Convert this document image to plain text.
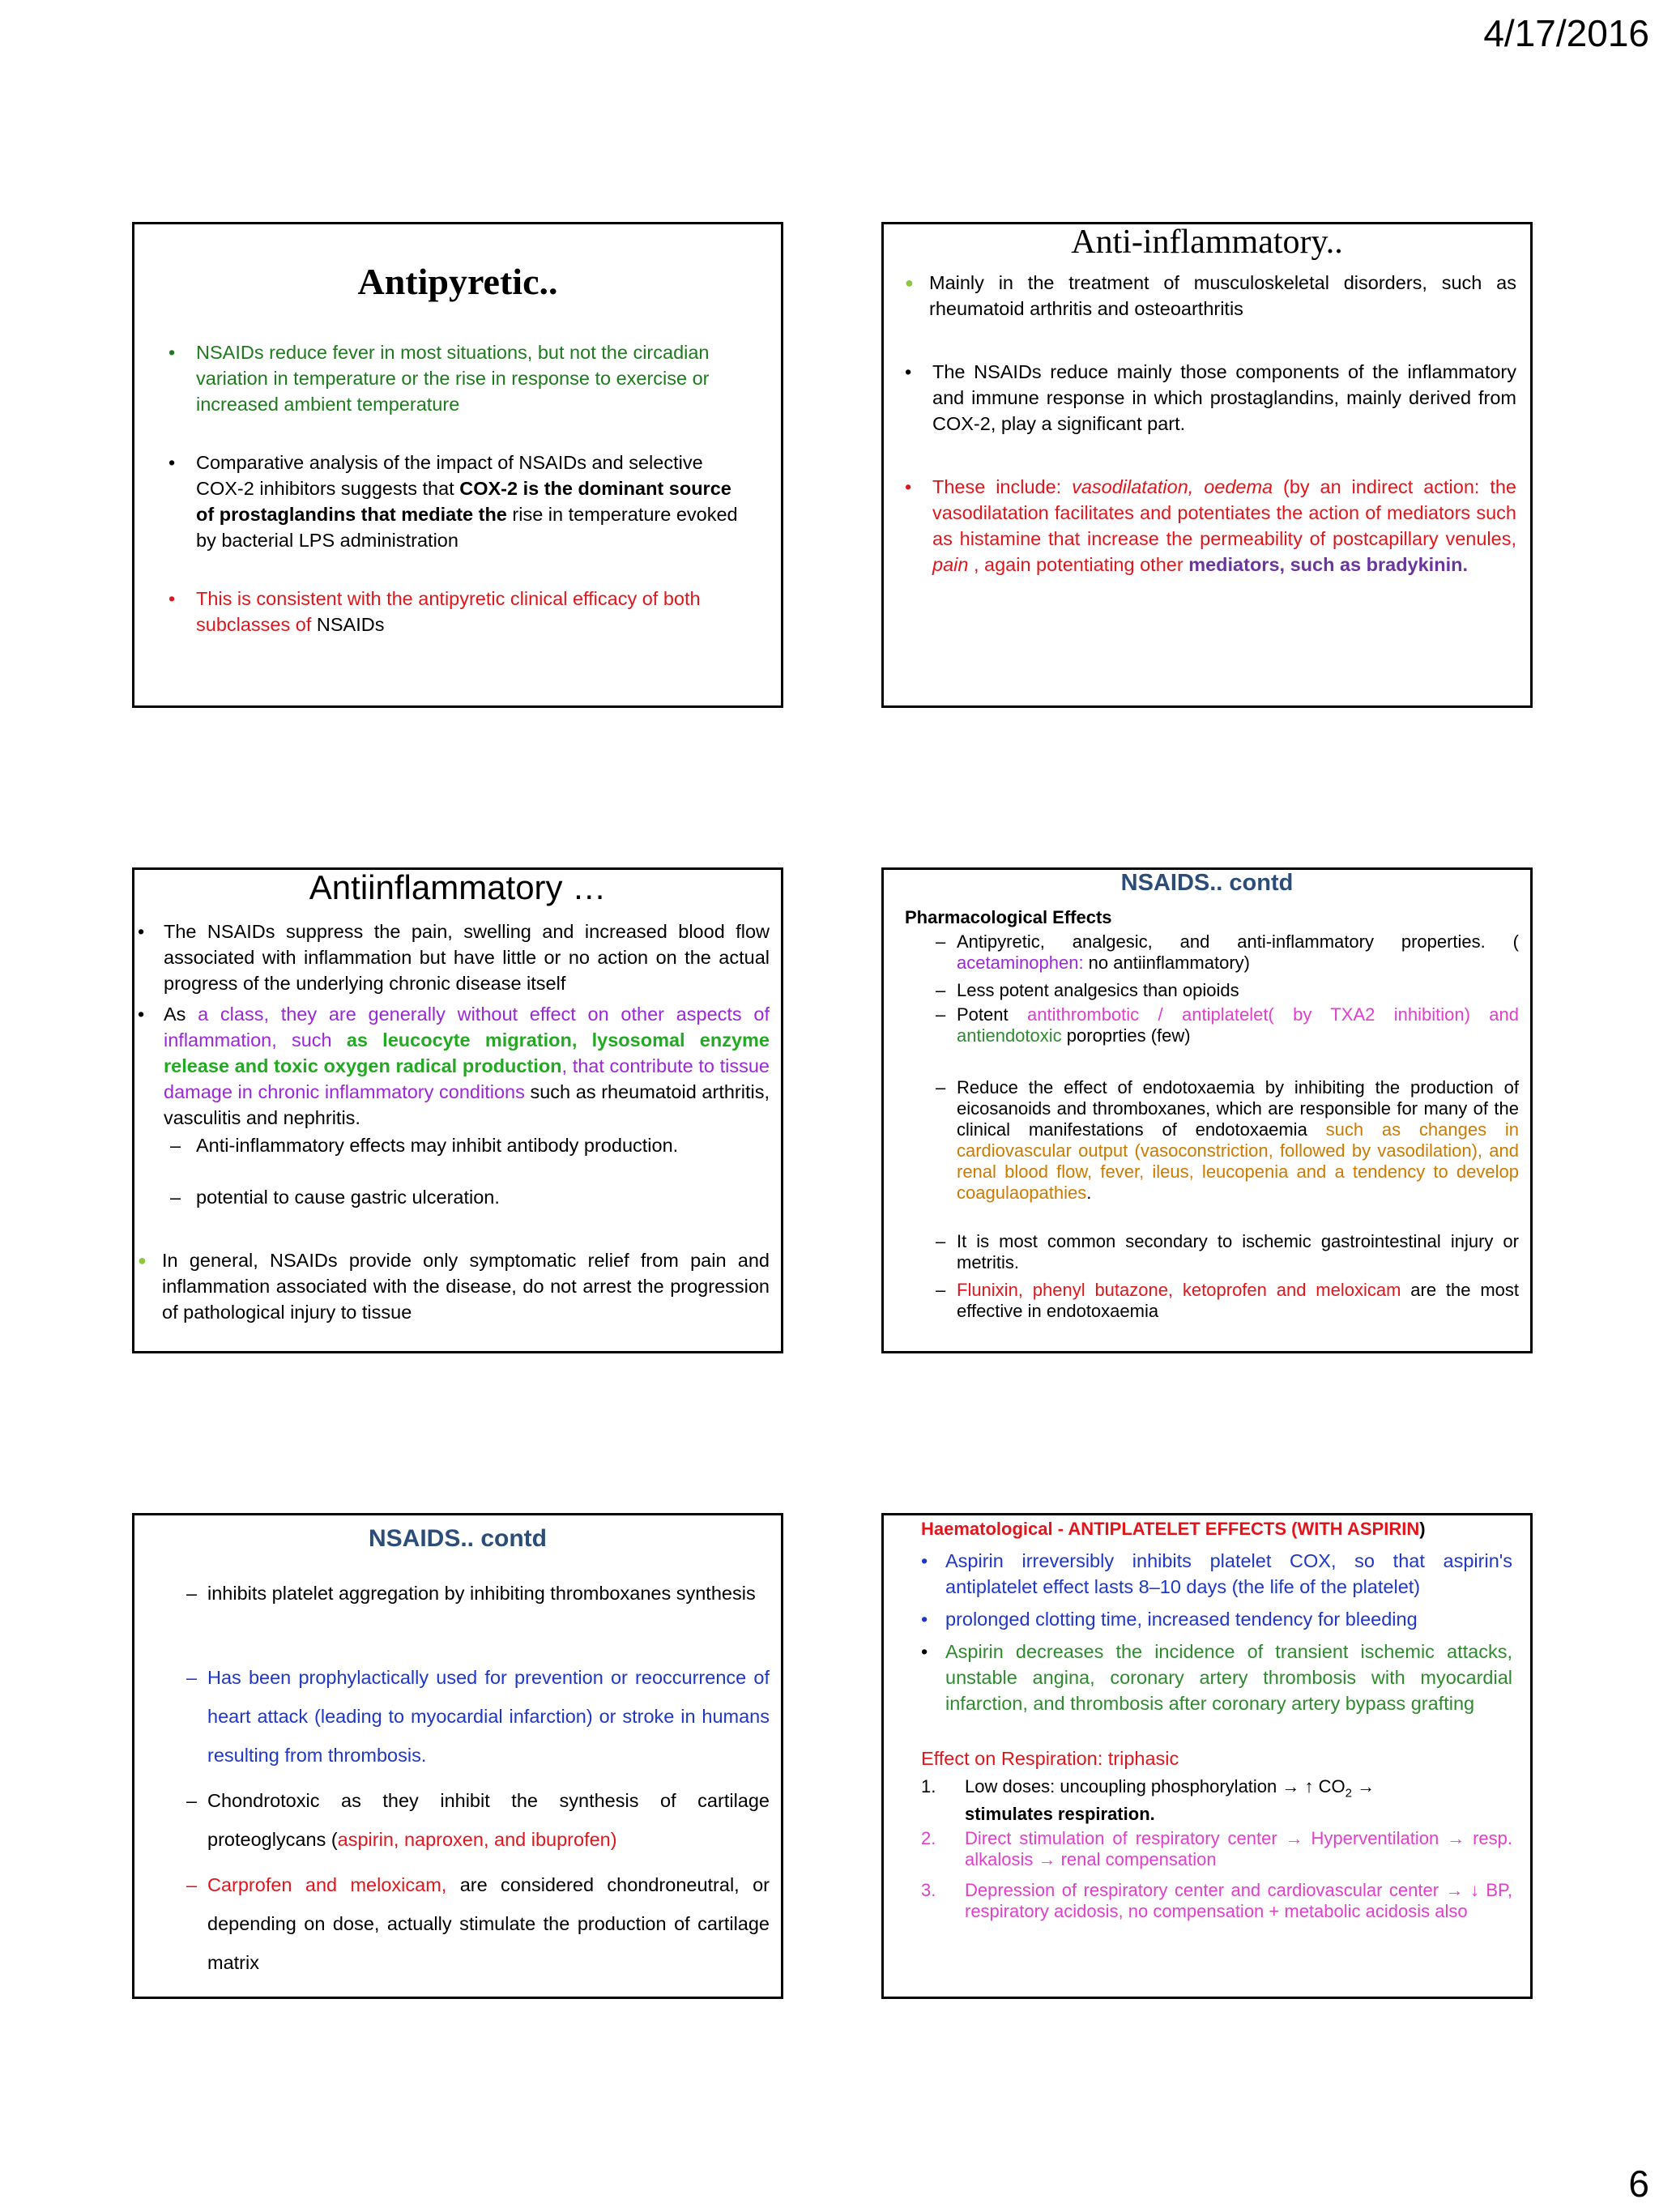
4/17/2016
Antipyretic..
• NSAIDs reduce fever in most situations, but not the circadian variation in temperature or the rise in response to exercise or increased ambient temperature
• Comparative analysis of the impact of NSAIDs and selective COX-2 inhibitors suggests that COX-2 is the dominant source of prostaglandins that mediate the rise in temperature evoked by bacterial LPS administration
• This is consistent with the antipyretic clinical efficacy of both subclasses of NSAIDs
Anti-inflammatory..
● Mainly in the treatment of musculoskeletal disorders, such as rheumatoid arthritis and osteoarthritis
• The NSAIDs reduce mainly those components of the inflammatory and immune response in which prostaglandins, mainly derived from COX-2, play a significant part.
• These include: vasodilatation, oedema (by an indirect action: the vasodilatation facilitates and potentiates the action of mediators such as histamine that increase the permeability of postcapillary venules, pain , again potentiating other mediators, such as bradykinin.
Antiinflammatory …
• The NSAIDs suppress the pain, swelling and increased blood flow associated with inflammation but have little or no action on the actual progress of the underlying chronic disease itself
• As a class, they are generally without effect on other aspects of inflammation, such as leucocyte migration, lysosomal enzyme release and toxic oxygen radical production, that contribute to tissue damage in chronic inflammatory conditions such as rheumatoid arthritis, vasculitis and nephritis.
– Anti-inflammatory effects may inhibit antibody production.
– potential to cause gastric ulceration.
● In general, NSAIDs provide only symptomatic relief from pain and inflammation associated with the disease, do not arrest the progression of pathological injury to tissue
NSAIDS.. contd
Pharmacological Effects
– Antipyretic, analgesic, and anti-inflammatory properties. ( acetaminophen: no antiinflammatory)
– Less potent analgesics than opioids
– Potent antithrombotic / antiplatelet( by TXA2 inhibition) and antiendotoxic poroprties (few)
– Reduce the effect of endotoxaemia by inhibiting the production of eicosanoids and thromboxanes, which are responsible for many of the clinical manifestations of endotoxaemia such as changes in cardiovascular output (vasoconstriction, followed by vasodilation), and renal blood flow, fever, ileus, leucopenia and a tendency to develop coagulaopathies.
– It is most common secondary to ischemic gastrointestinal injury or metritis.
– Flunixin, phenyl butazone, ketoprofen and meloxicam are the most effective in endotoxaemia
NSAIDS.. contd
– inhibits platelet aggregation by inhibiting thromboxanes synthesis
– Has been prophylactically used for prevention or reoccurrence of heart attack (leading to myocardial infarction) or stroke in humans resulting from thrombosis.
– Chondrotoxic as they inhibit the synthesis of cartilage proteoglycans (aspirin, naproxen, and ibuprofen)
– Carprofen and meloxicam, are considered chondroneutral, or depending on dose, actually stimulate the production of cartilage matrix
Haematological - ANTIPLATELET EFFECTS (WITH ASPIRIN)
• Aspirin irreversibly inhibits platelet COX, so that aspirin's antiplatelet effect lasts 8–10 days (the life of the platelet)
• prolonged clotting time, increased tendency for bleeding
• Aspirin decreases the incidence of transient ischemic attacks, unstable angina, coronary artery thrombosis with myocardial infarction, and thrombosis after coronary artery bypass grafting
Effect on Respiration: triphasic
1. Low doses: uncoupling phosphorylation → ↑ $CO_2$ →
stimulates respiration.
2. Direct stimulation of respiratory center → Hyperventilation → resp. alkalosis → renal compensation
3. Depression of respiratory center and cardiovascular center → ↓ BP, respiratory acidosis, no compensation + metabolic acidosis also
6
